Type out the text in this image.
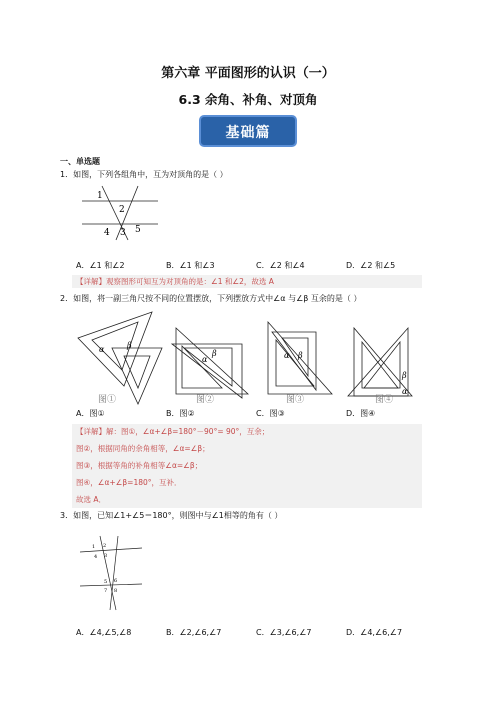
第六章 平面图形的认识（一）
6.3 余角、补角、对顶角
基础篇
一、单选题
1．如图，下列各组角中，互为对顶角的是（ ）
1
2
4 3 5
A．∠1 和∠2	B．∠1 和∠3	C．∠2 和∠4	D．∠2 和∠5
【详解】观察图形可知互为对顶角的是：∠1 和∠2，故选 A
2．如图，将一副三角尺按不同的位置摆放，下列摆放方式中∠α 与∠β 互余的是（ ）
α	β
α
β	α β
β
α
图①	图②	图③	图④
A．图①	B．图②	C．图③	D．图④
【详解】解：图①，∠α+∠β=180°－90°= 90°，互余；
图②，根据同角的余角相等，∠α=∠β；
图③，根据等角的补角相等∠α=∠β；
图④，∠α+∠β=180°，互补．
故选 A．
3．如图，已知∠1+∠5＝180°，则图中与∠1相等的角有（ ）
1 2
4 3
5 6
7 8
A．∠4,∠5,∠8	B．∠2,∠6,∠7	C．∠3,∠6,∠7	D．∠4,∠6,∠7
